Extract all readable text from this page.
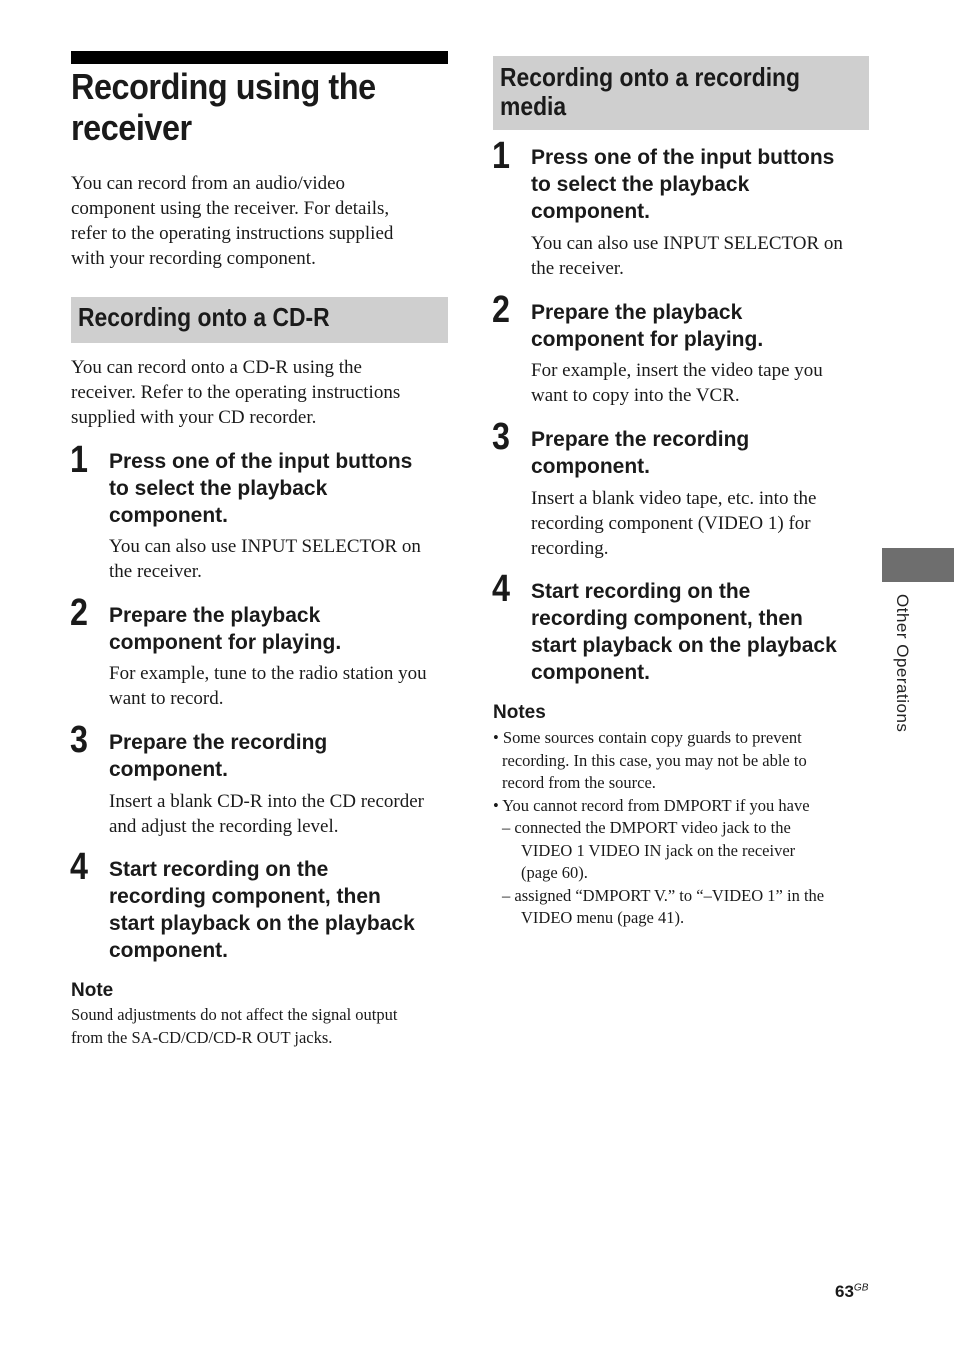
Recording using the
receiver
You can record from an audio/video
component using the receiver. For details,
refer to the operating instructions supplied
with your recording component.
Recording onto a CD-R
You can record onto a CD-R using the
receiver. Refer to the operating instructions
supplied with your CD recorder.
1 Press one of the input buttons
to select the playback
component.
You can also use INPUT SELECTOR on
the receiver.
2 Prepare the playback
component for playing.
For example, tune to the radio station you
want to record.
3 Prepare the recording
component.
Insert a blank CD-R into the CD recorder
and adjust the recording level.
4 Start recording on the
recording component, then
start playback on the playback
component.
Note
Sound adjustments do not affect the signal output
from the SA-CD/CD/CD-R OUT jacks.
Recording onto a recording
media
1 Press one of the input buttons
to select the playback
component.
You can also use INPUT SELECTOR on
the receiver.
2 Prepare the playback
component for playing.
For example, insert the video tape you
want to copy into the VCR.
3 Prepare the recording
component.
Insert a blank video tape, etc. into the
recording component (VIDEO 1) for
recording.
4 Start recording on the
recording component, then
start playback on the playback
component.
Notes
• Some sources contain copy guards to prevent
recording. In this case, you may not be able to
record from the source.
• You cannot record from DMPORT if you have
– connected the DMPORT video jack to the
VIDEO 1 VIDEO IN jack on the receiver
(page 60).
– assigned “DMPORT V.” to “–VIDEO 1” in the
VIDEO menu (page 41).
Other Operations
$63^{GB}$
